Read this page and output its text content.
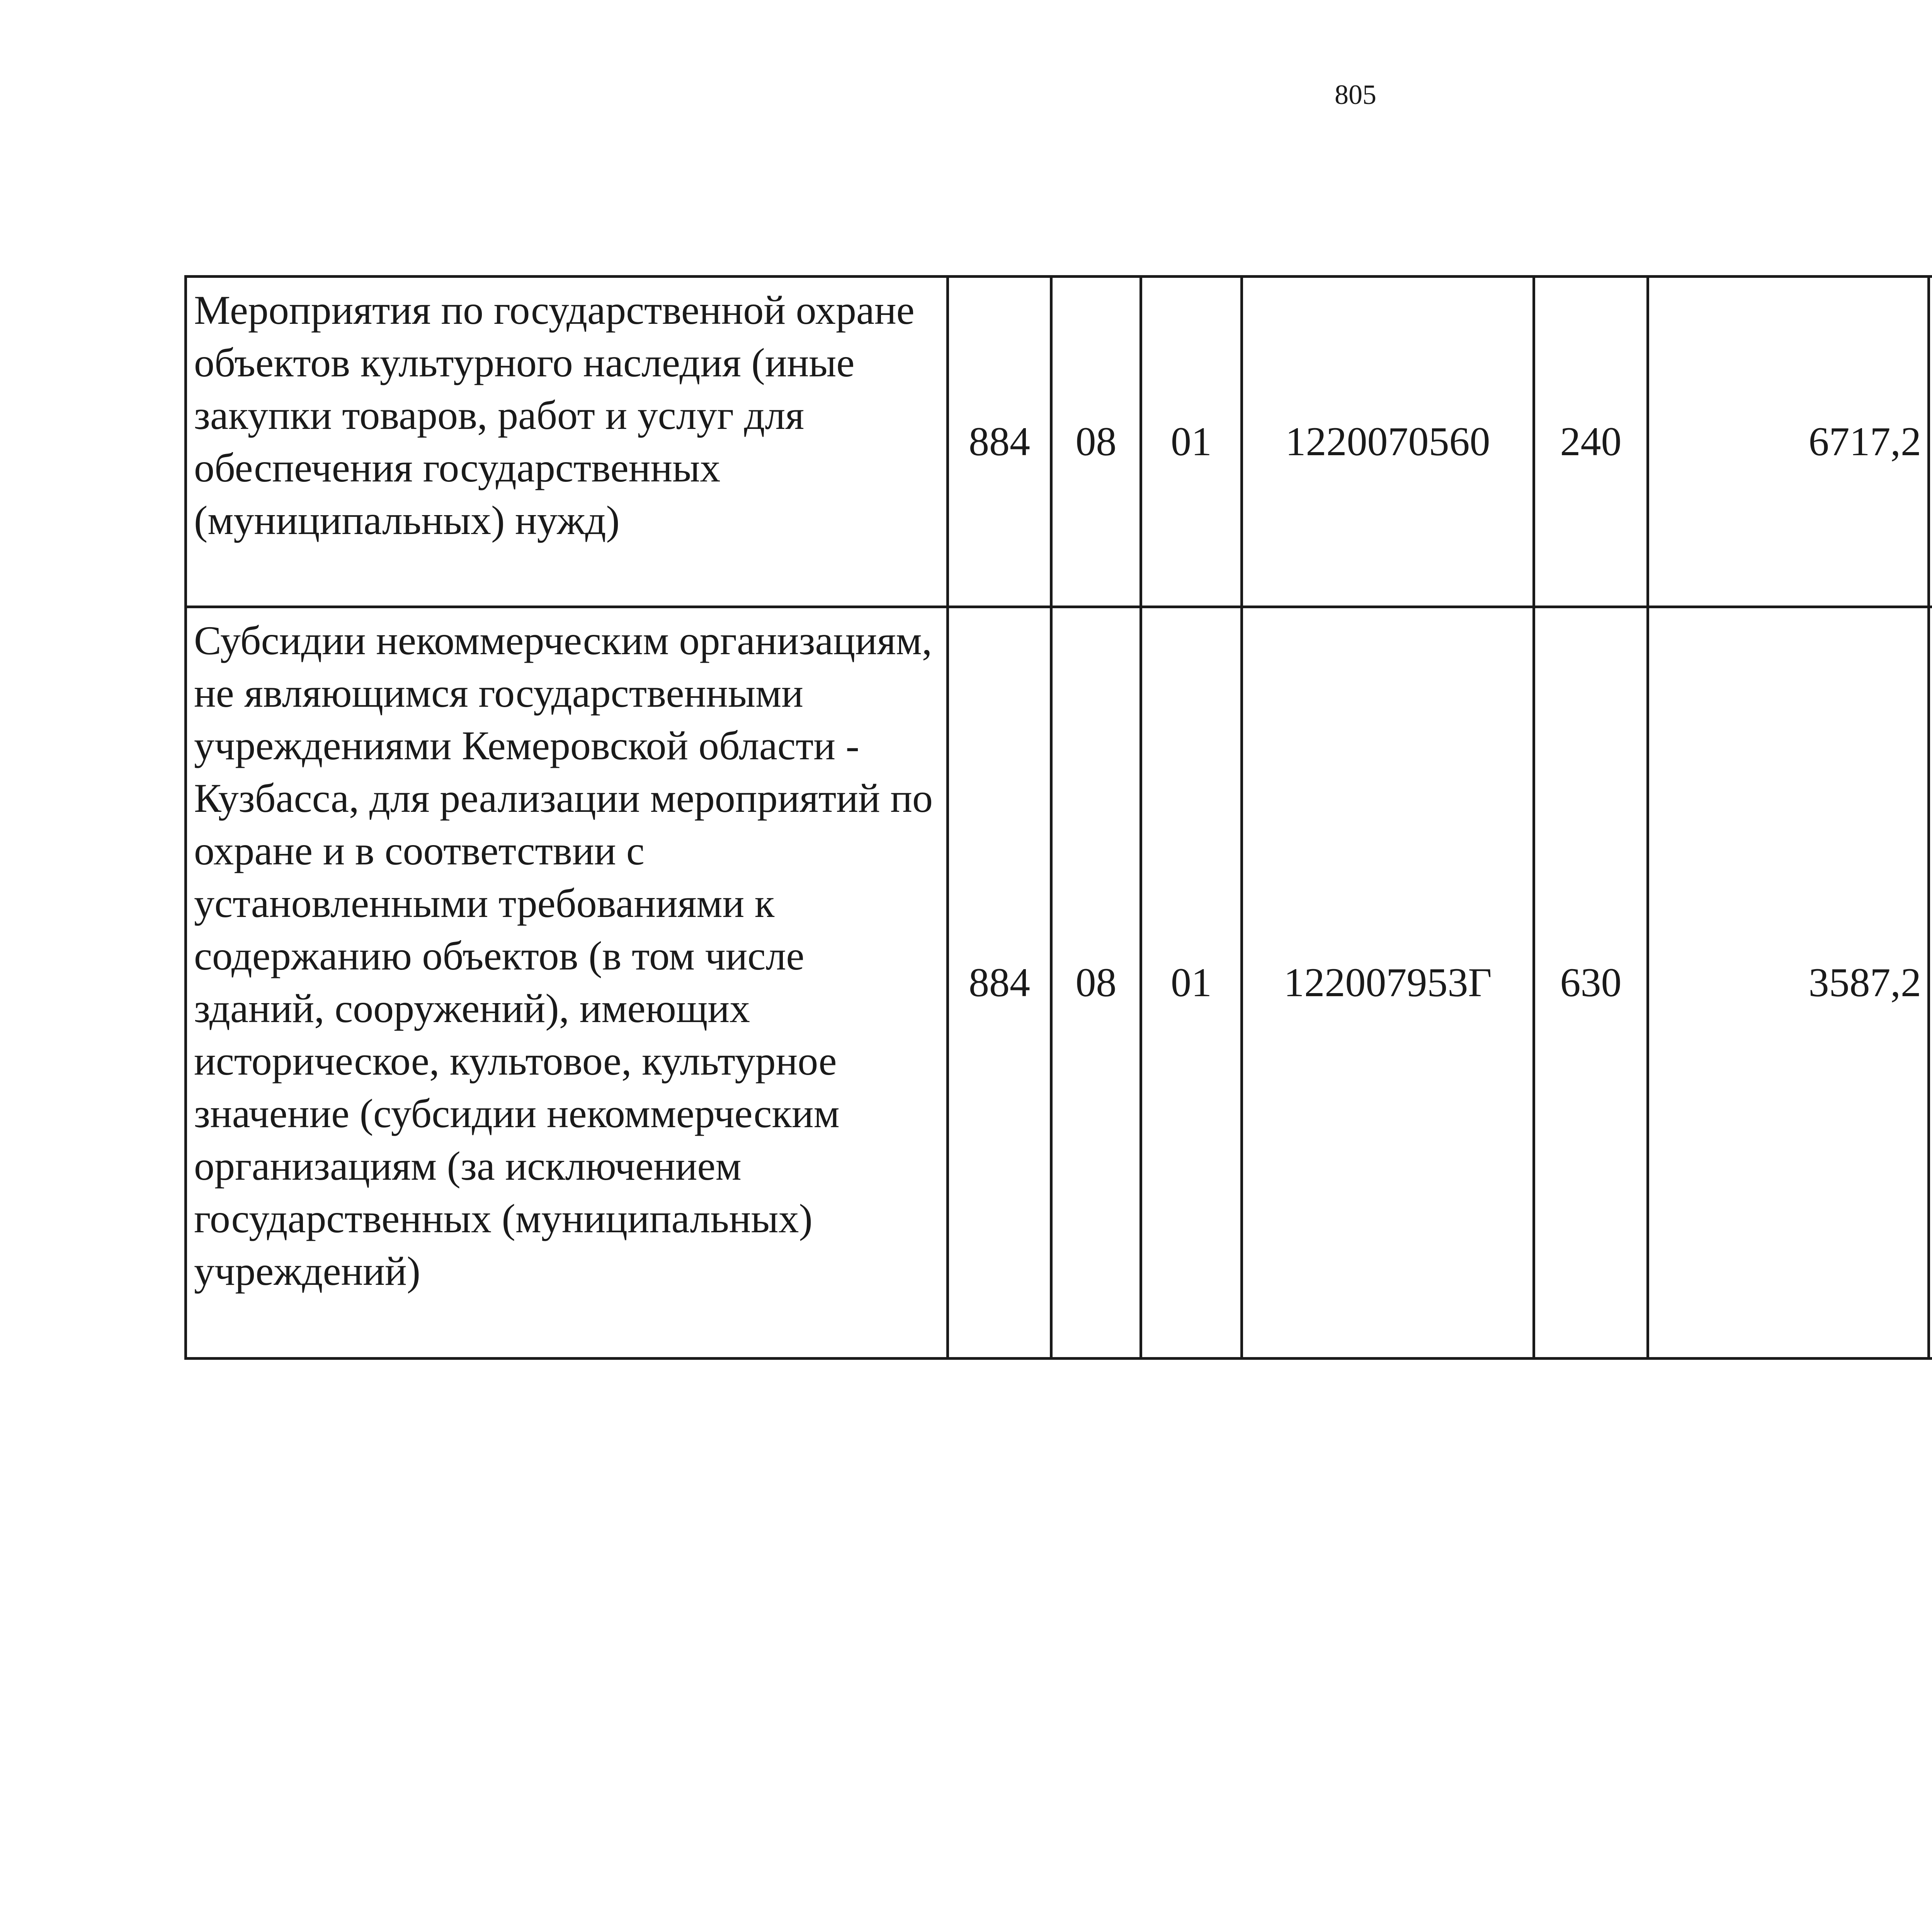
805
Мероприятия по государственной охране объектов культурного наследия (иные закупки товаров, работ и услуг для обеспечения государственных (муниципальных) нужд)	884	08	01	1220070560	240	6717,2		
Субсидии некоммерческим организациям, не являющимся государственными учреждениями Кемеровской области - Кузбасса, для реализации мероприятий по охране и в соответствии с установленными требованиями к содержанию объектов (в том числе зданий, сооружений), имеющих историческое, культовое, культурное значение (субсидии некоммерческим организациям (за исключением государственных (муниципальных) учреждений)	884	08	01	122007953Г	630	3587,2		
